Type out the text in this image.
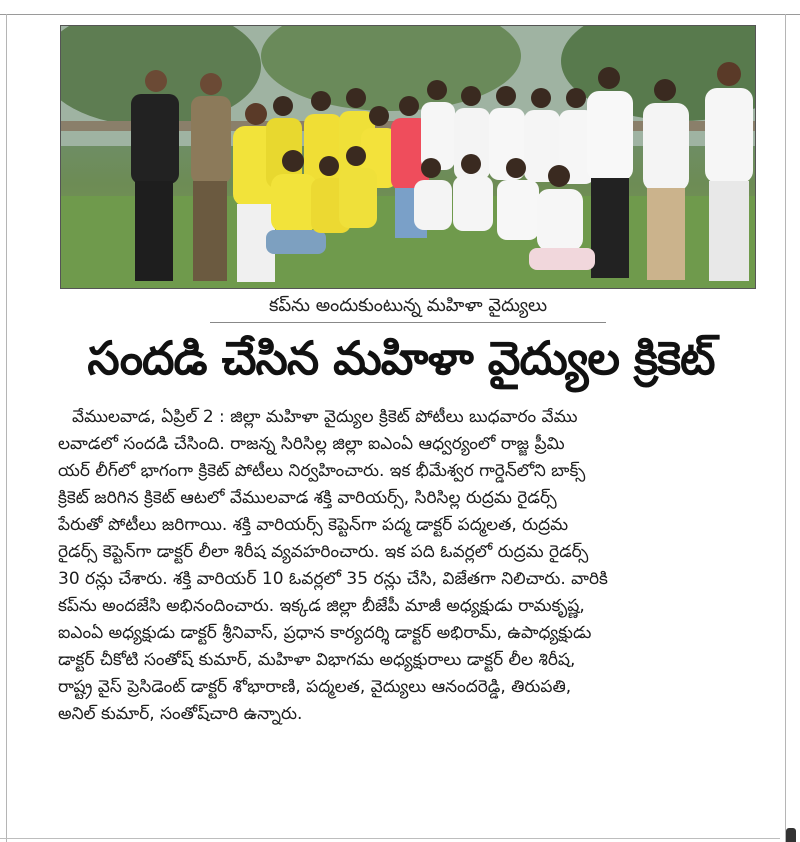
కప్‌ను అందుకుంటున్న మహిళా వైద్యులు
సందడి చేసిన మహిళా వైద్యుల క్రికెట్
వేములవాడ, ఏప్రిల్ 2 : జిల్లా మహిళా వైద్యుల క్రికెట్ పోటీలు బుధవారం వేము
లవాడలో సందడి చేసింది. రాజన్న సిరిసిల్ల జిల్లా ఐఎంఏ ఆధ్వర్యంలో రాజ్జ ప్రీమి
యర్ లీగ్‌లో భాగంగా క్రికెట్ పోటీలు నిర్వహించారు. ఇక భీమేశ్వర గార్డెన్‌లోని బాక్స్
క్రికెట్ జరిగిన క్రికెట్ ఆటలో వేములవాడ శక్తి వారియర్స్, సిరిసిల్ల రుద్రమ రైడర్స్
పేరుతో పోటీలు జరిగాయి. శక్తి వారియర్స్ కెప్టెన్‌గా పద్మ డాక్టర్ పద్మలత, రుద్రమ
రైడర్స్ కెప్టెన్‌గా డాక్టర్ లీలా శిరీష వ్యవహరించారు. ఇక పది ఓవర్లలో రుద్రమ రైడర్స్
30 రన్లు చేశారు. శక్తి వారియర్ 10 ఓవర్లలో 35 రన్లు చేసి, విజేతగా నిలిచారు. వారికి
కప్‌ను అందజేసి అభినందించారు. ఇక్కడ జిల్లా బీజేపీ మాజీ అధ్యక్షుడు రామకృష్ణ,
ఐఎంఏ అధ్యక్షుడు డాక్టర్ శ్రీనివాస్, ప్రధాన కార్యదర్శి డాక్టర్ అభిరామ్, ఉపాధ్యక్షుడు
డాక్టర్ చీకోటి సంతోష్ కుమార్, మహిళా విభాగమ అధ్యక్షురాలు డాక్టర్ లీల శిరీష,
రాష్ట్ర వైస్ ప్రెసిడెంట్ డాక్టర్ శోభారాణి, పద్మలత, వైద్యులు ఆనందరెడ్డి, తిరుపతి,
అనిల్ కుమార్, సంతోష్‌చారి ఉన్నారు.
